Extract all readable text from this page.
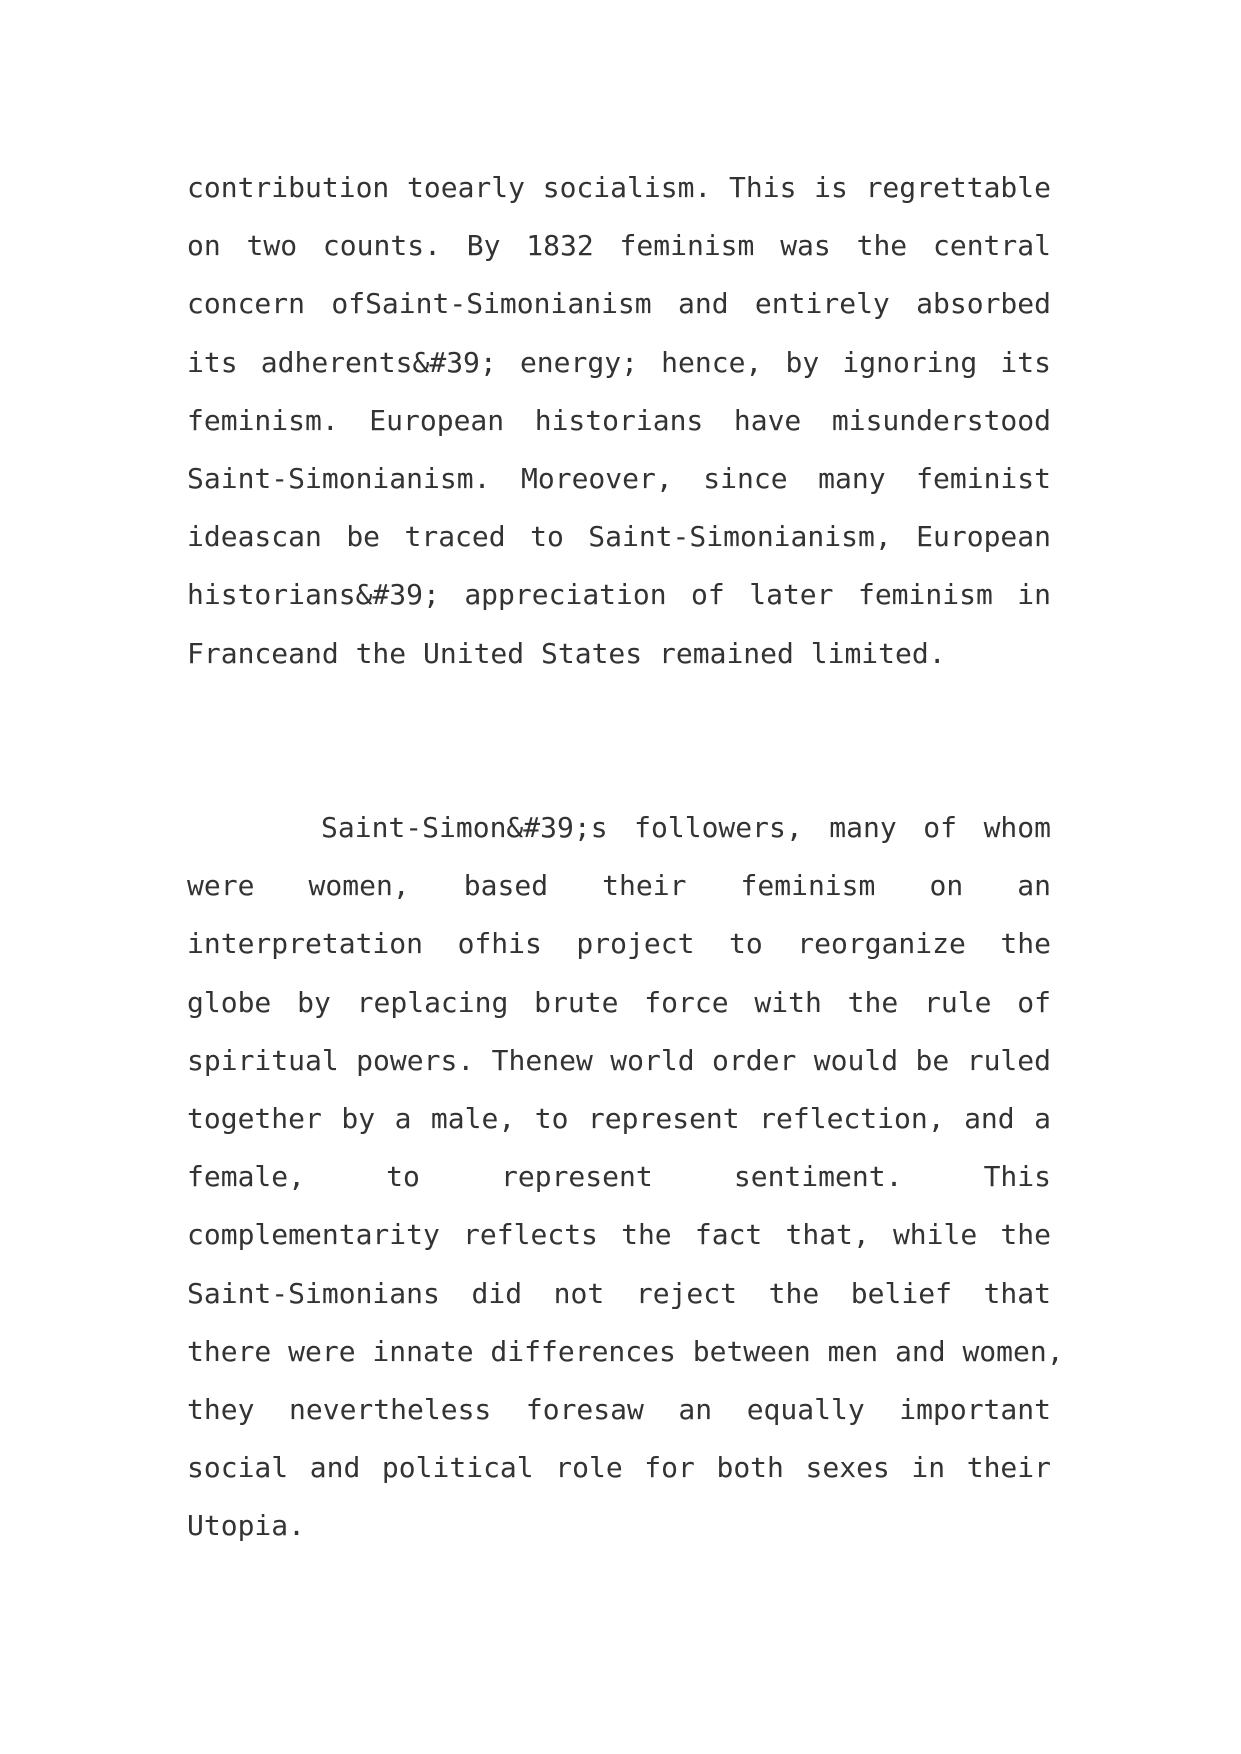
contribution toearly socialism. This is regrettable
on two counts. By 1832 feminism was the central
concern ofSaint-Simonianism and entirely absorbed
its adherents&#39; energy; hence, by ignoring its
feminism. European historians have misunderstood
Saint-Simonianism. Moreover, since many feminist
ideascan be traced to Saint-Simonianism, European
historians&#39; appreciation of later feminism in
Franceand the United States remained limited.
Saint-Simon&#39;s followers, many of whom
were women, based their feminism on an
interpretation ofhis project to reorganize the
globe by replacing brute force with the rule of
spiritual powers. Thenew world order would be ruled
together by a male, to represent reflection, and a
female, to represent sentiment. This
complementarity reflects the fact that, while the
Saint-Simonians did not reject the belief that
there were innate differences between men and women,
they nevertheless foresaw an equally important
social and political role for both sexes in their
Utopia.
